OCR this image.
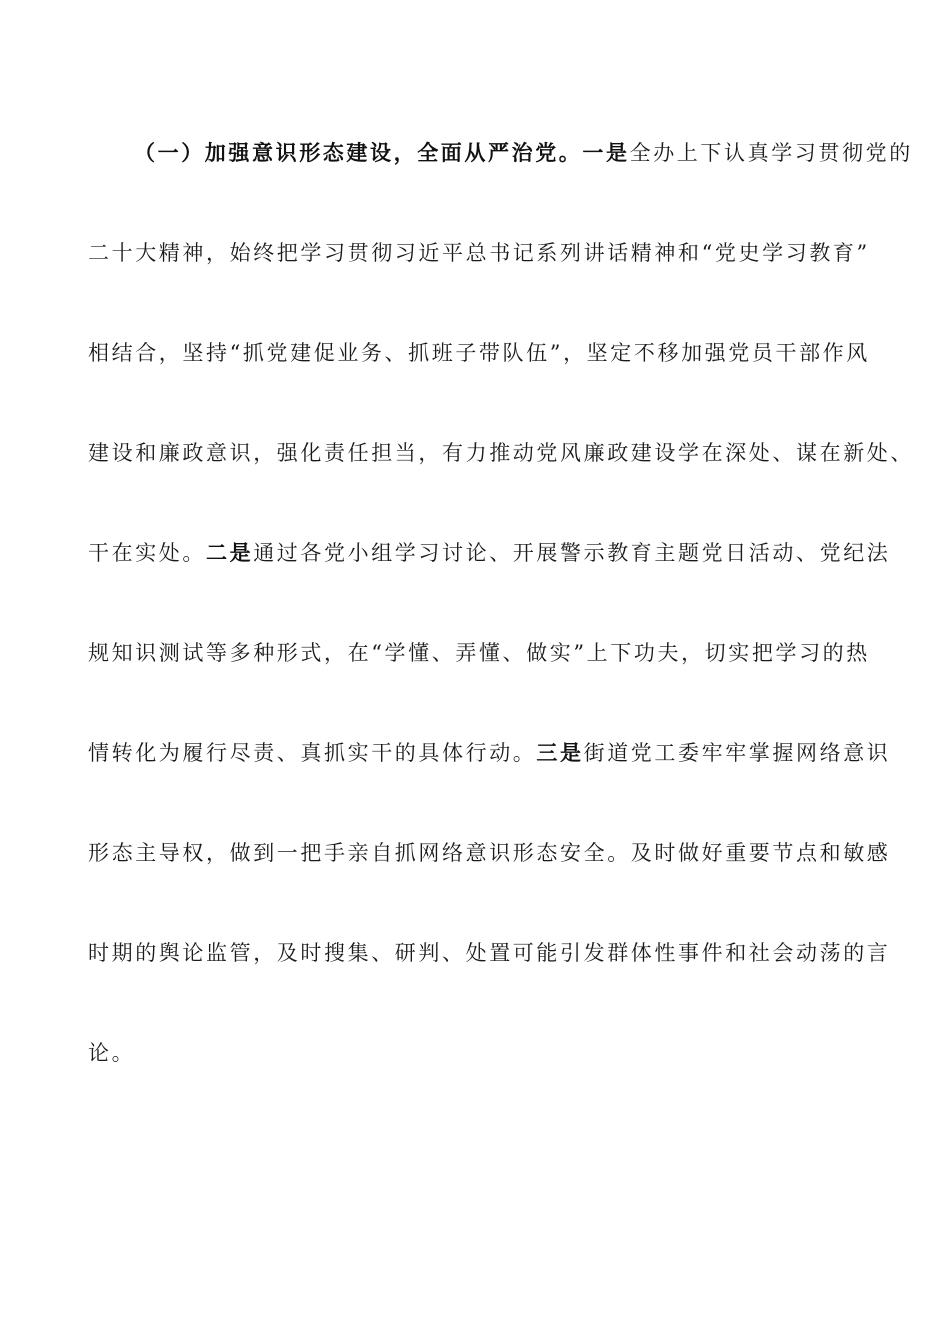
（一）加强意识形态建设，全面从严治党。一是全办上下认真学习贯彻党的
二十大精神，始终把学习贯彻习近平总书记系列讲话精神和“党史学习教育”
相结合，坚持“抓党建促业务、抓班子带队伍”，坚定不移加强党员干部作风
建设和廉政意识，强化责任担当，有力推动党风廉政建设学在深处、谋在新处、
干在实处。二是通过各党小组学习讨论、开展警示教育主题党日活动、党纪法
规知识测试等多种形式，在“学懂、弄懂、做实”上下功夫，切实把学习的热
情转化为履行尽责、真抓实干的具体行动。三是街道党工委牢牢掌握网络意识
形态主导权，做到一把手亲自抓网络意识形态安全。及时做好重要节点和敏感
时期的舆论监管，及时搜集、研判、处置可能引发群体性事件和社会动荡的言
论。
